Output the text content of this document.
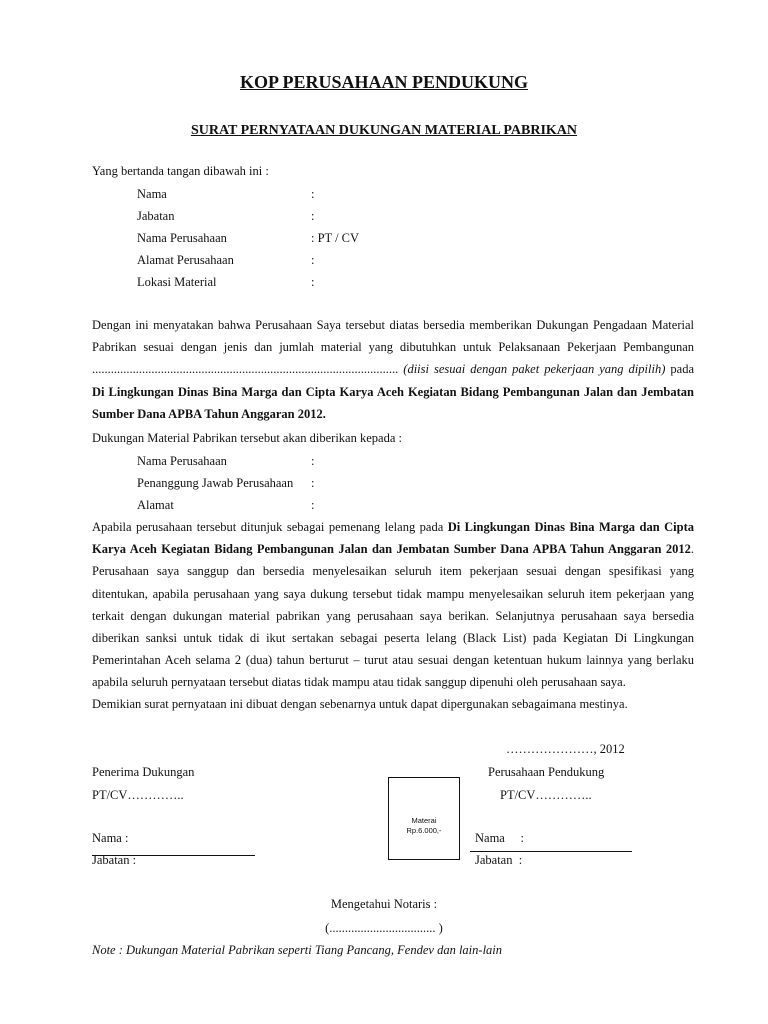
KOP PERUSAHAAN PENDUKUNG
SURAT PERNYATAAN DUKUNGAN MATERIAL PABRIKAN
Yang bertanda tangan dibawah ini :
Nama	:
Jabatan	:
Nama Perusahaan	: PT / CV
Alamat Perusahaan	:
Lokasi Material	:
Dengan ini menyatakan bahwa Perusahaan Saya tersebut diatas bersedia memberikan Dukungan Pengadaan Material Pabrikan sesuai dengan jenis dan jumlah material yang dibutuhkan untuk Pelaksanaan Pekerjaan Pembangunan .................................................................................................. (diisi sesuai dengan paket pekerjaan yang dipilih) pada Di Lingkungan Dinas Bina Marga dan Cipta Karya Aceh Kegiatan Bidang Pembangunan Jalan dan Jembatan Sumber Dana APBA Tahun Anggaran 2012.
Dukungan Material Pabrikan tersebut akan diberikan kepada :
Nama Perusahaan	:
Penanggung Jawab Perusahaan :
Alamat	:
Apabila perusahaan tersebut ditunjuk sebagai pemenang lelang pada Di Lingkungan Dinas Bina Marga dan Cipta Karya Aceh Kegiatan Bidang Pembangunan Jalan dan Jembatan Sumber Dana APBA Tahun Anggaran 2012. Perusahaan saya sanggup dan bersedia menyelesaikan seluruh item pekerjaan sesuai dengan spesifikasi yang ditentukan, apabila perusahaan yang saya dukung tersebut tidak mampu menyelesaikan seluruh item pekerjaan yang terkait dengan dukungan material pabrikan yang perusahaan saya berikan. Selanjutnya perusahaan saya bersedia diberikan sanksi untuk tidak di ikut sertakan sebagai peserta lelang (Black List) pada Kegiatan Di Lingkungan Pemerintahan Aceh selama 2 (dua) tahun berturut – turut atau sesuai dengan ketentuan hukum lainnya yang berlaku apabila seluruh pernyataan tersebut diatas tidak mampu atau tidak sanggup dipenuhi oleh perusahaan saya.
Demikian surat pernyataan ini dibuat dengan sebenarnya untuk dapat dipergunakan sebagaimana mestinya.
…………………, 2012
Penerima Dukungan
PT/CV…………..
Nama :
Jabatan :
Materai
Rp.6.000,-
Perusahaan Pendukung
PT/CV…………..
Nama     :
Jabatan  :
Mengetahui Notaris :
(.................................. )
Note : Dukungan Material Pabrikan seperti Tiang Pancang, Fendev dan lain-lain
